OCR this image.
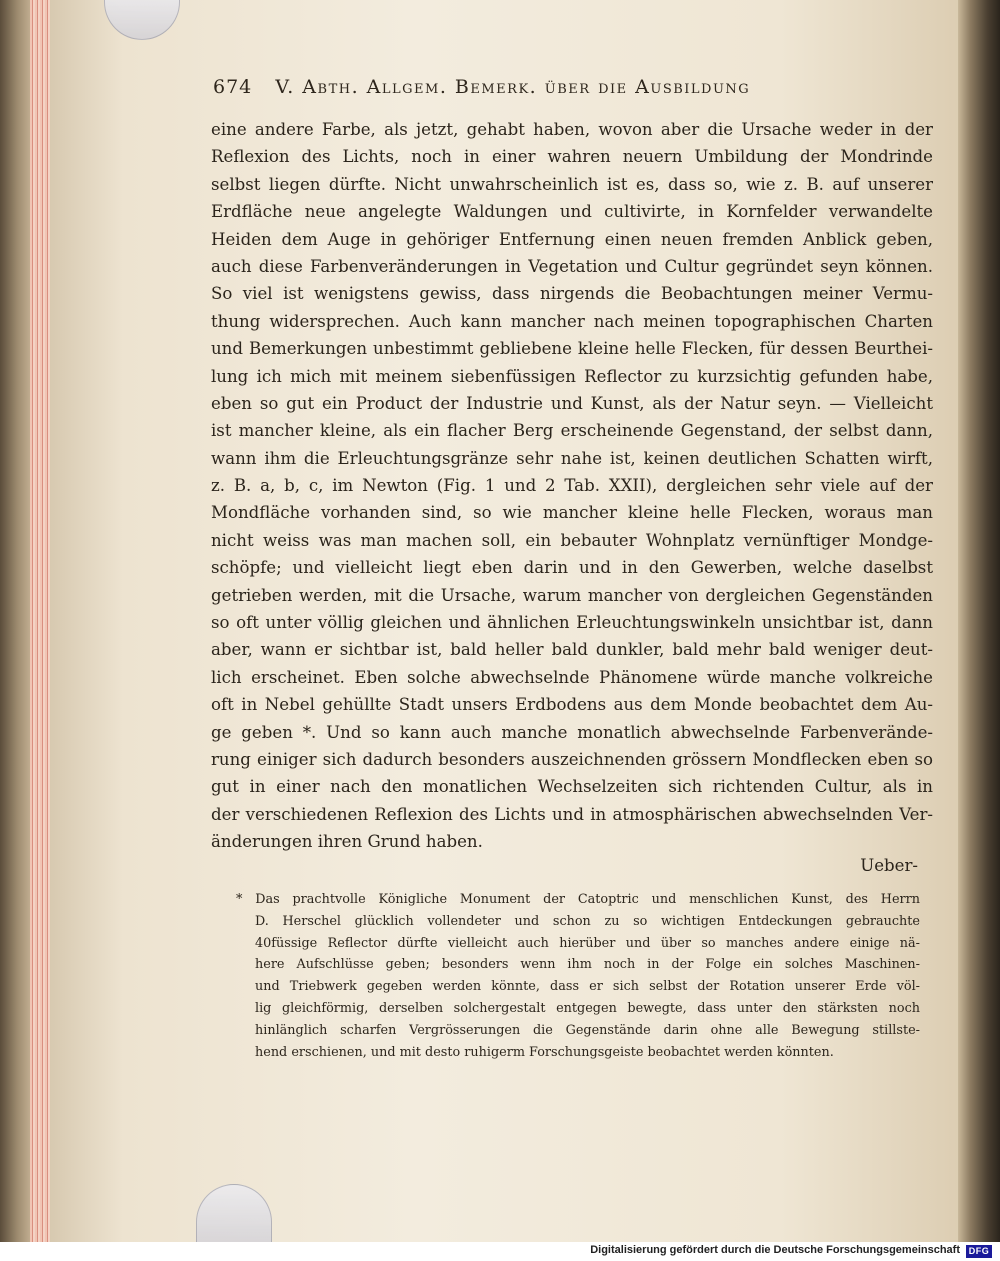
674 V. Abth. Allgem. Bemerk. über die Ausbildung
eine andere Farbe, als jetzt, gehabt haben, wovon aber die Ursache weder in der
Reflexion des Lichts, noch in einer wahren neuern Umbildung der Mondrinde
selbst liegen dürfte. Nicht unwahrscheinlich ist es, dass so, wie z. B. auf unserer
Erdfläche neue angelegte Waldungen und cultivirte, in Kornfelder verwandelte
Heiden dem Auge in gehöriger Entfernung einen neuen fremden Anblick geben,
auch diese Farbenveränderungen in Vegetation und Cultur gegründet seyn können.
So viel ist wenigstens gewiss, dass nirgends die Beobachtungen meiner Vermu-
thung widersprechen. Auch kann mancher nach meinen topographischen Charten
und Bemerkungen unbestimmt gebliebene kleine helle Flecken, für dessen Beurthei-
lung ich mich mit meinem siebenfüssigen Reflector zu kurzsichtig gefunden habe,
eben so gut ein Product der Industrie und Kunst, als der Natur seyn. — Vielleicht
ist mancher kleine, als ein flacher Berg erscheinende Gegenstand, der selbst dann,
wann ihm die Erleuchtungsgränze sehr nahe ist, keinen deutlichen Schatten wirft,
z. B. a, b, c, im Newton (Fig. 1 und 2 Tab. XXII), dergleichen sehr viele auf der
Mondfläche vorhanden sind, so wie mancher kleine helle Flecken, woraus man
nicht weiss was man machen soll, ein bebauter Wohnplatz vernünftiger Mondge-
schöpfe; und vielleicht liegt eben darin und in den Gewerben, welche daselbst
getrieben werden, mit die Ursache, warum mancher von dergleichen Gegenständen
so oft unter völlig gleichen und ähnlichen Erleuchtungswinkeln unsichtbar ist, dann
aber, wann er sichtbar ist, bald heller bald dunkler, bald mehr bald weniger deut-
lich erscheinet. Eben solche abwechselnde Phänomene würde manche volkreiche
oft in Nebel gehüllte Stadt unsers Erdbodens aus dem Monde beobachtet dem Au-
ge geben *. Und so kann auch manche monatlich abwechselnde Farbenverände-
rung einiger sich dadurch besonders auszeichnenden grössern Mondflecken eben so
gut in einer nach den monatlichen Wechselzeiten sich richtenden Cultur, als in
der verschiedenen Reflexion des Lichts und in atmosphärischen abwechselnden Ver-
änderungen ihren Grund haben.
Ueber-
* Das prachtvolle Königliche Monument der Catoptric und menschlichen Kunst, des Herrn
D. Herschel glücklich vollendeter und schon zu so wichtigen Entdeckungen gebrauchte
40füssige Reflector dürfte vielleicht auch hierüber und über so manches andere einige nä-
here Aufschlüsse geben; besonders wenn ihm noch in der Folge ein solches Maschinen-
und Triebwerk gegeben werden könnte, dass er sich selbst der Rotation unserer Erde völ-
lig gleichförmig, derselben solchergestalt entgegen bewegte, dass unter den stärksten noch
hinlänglich scharfen Vergrösserungen die Gegenstände darin ohne alle Bewegung stillste-
hend erschienen, und mit desto ruhigerm Forschungsgeiste beobachtet werden könnten.
Digitalisierung gefördert durch die Deutsche Forschungsgemeinschaft DFG
